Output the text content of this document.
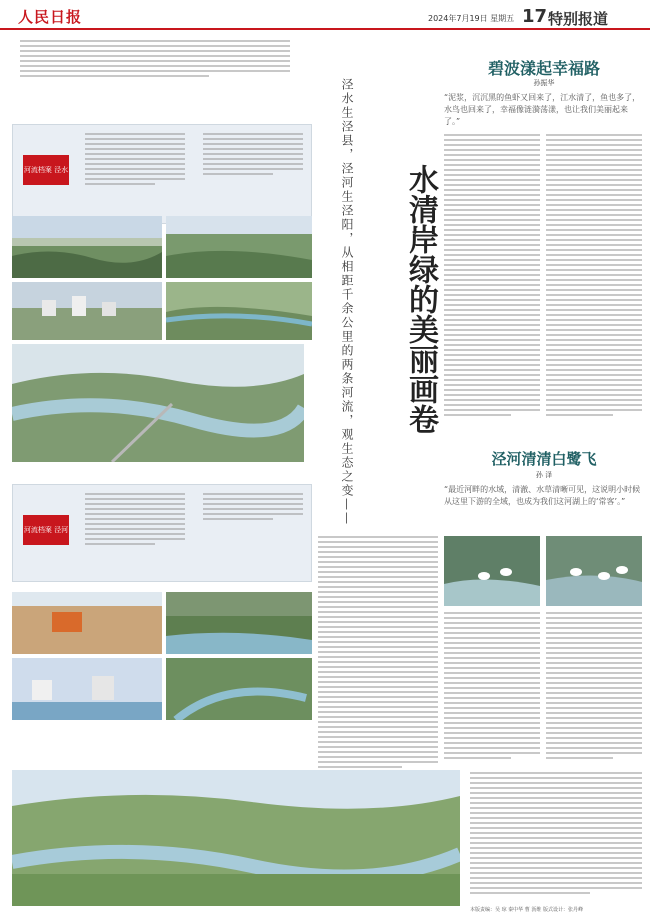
人民日报	2024年7月19日 星期五 17 特别报道
河流档案 泾水
河流档案 泾河
水清岸绿的美丽画卷
泾水生泾县，泾河生泾阳，从相距千余公里的两条河流，观生态之变——
碧波漾起幸福路
孙振华
“泥浆，沉沉黑的鱼虾又回来了，江水清了，鱼也多了，水鸟也回来了，幸福像涟漪荡漾，也让我们美丽起来了。”
泾河清清白鹭飞
孙 泽
“最近河畔的水域，清澈、水草清晰可见，这说明小时候从这里下游的全域，也成为我们这河湖上的‘常客’。”
本版责编：吴 琼 秦中华 曹 沥维 版式设计：张丹峰
